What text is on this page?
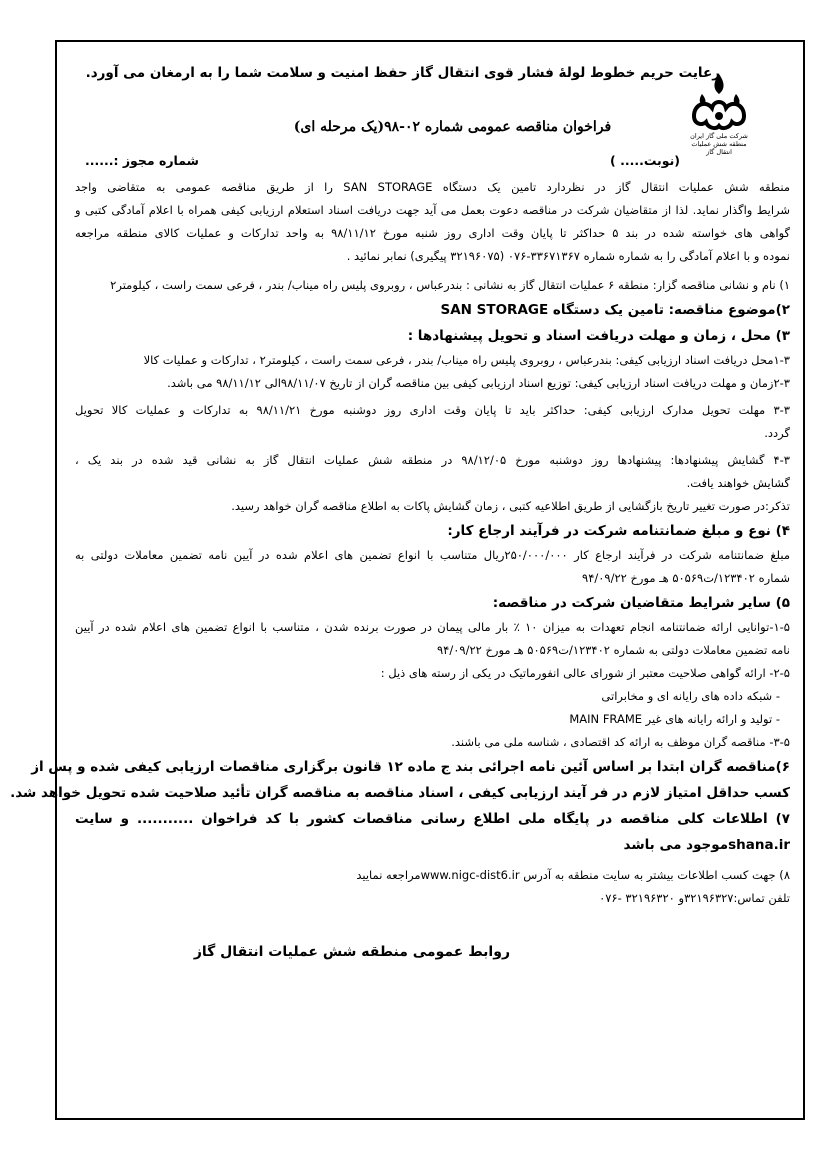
شرکت ملی گاز ایران
منطقه شش عملیات انتقال گاز
رعایت حریم خطوط لولهٔ فشار قوی انتقال گاز حفظ امنیت و سلامت شما را به ارمغان می آورد.
فراخوان مناقصه عمومی شماره ۰۲-۹۸(یک مرحله ای)
(نوبت..... )
شماره مجوز :......
منطقه شش عملیات انتقال گاز در نظردارد تامین یک دستگاه SAN STORAGE را از طریق مناقصه عمومی به متقاضی واجد
شرایط واگذار نماید. لذا از متقاضیان شرکت در مناقصه دعوت بعمل می آید جهت دریافت اسناد استعلام ارزیابی کیفی همراه با اعلام آمادگی کتبی و
گواهی های خواسته شده در بند ۵ حداکثر تا پایان وقت اداری روز شنبه مورخ ۹۸/۱۱/۱۲ به واحد تدارکات و عملیات کالای منطقه مراجعه
نموده و با اعلام آمادگی را به شماره شماره ۳۳۶۷۱۳۶۷-۰۷۶ (۳۲۱۹۶۰۷۵ پیگیری) نمابر نمائید .
۱) نام و نشانی مناقصه گزار: منطقه ۶ عملیات انتقال گاز به نشانی : بندرعباس ، روبروی پلیس راه میناب/ بندر ، فرعی سمت راست ، کیلومتر۲
۲)موضوع مناقصه: تامین یک دستگاه SAN STORAGE
۳) محل ، زمان و مهلت دریافت اسناد و تحویل پیشنهادها :
۱-۳محل دریافت اسناد ارزیابی کیفی: بندرعباس ، روبروی پلیس راه میناب/ بندر ، فرعی سمت راست ، کیلومتر۲ ، تدارکات و عملیات کالا
۲-۳زمان و مهلت دریافت اسناد ارزیابی کیفی: توزیع اسناد ارزیابی کیفی بین مناقصه گران از تاریخ ۹۸/۱۱/۰۷الی ۹۸/۱۱/۱۲ می باشد.
۳-۳ مهلت تحویل مدارک ارزیابی کیفی: حداکثر باید تا پایان وقت اداری روز دوشنبه مورخ ۹۸/۱۱/۲۱ به تدارکات و عملیات کالا تحویل
گردد.
۴-۳ گشایش پیشنهادها: پیشنهادها روز دوشنبه مورخ ۹۸/۱۲/۰۵ در منطقه شش عملیات انتقال گاز به نشانی قید شده در بند یک ،
گشایش خواهند یافت.
تذکر:در صورت تغییر تاریخ بازگشایی از طریق اطلاعیه کتبی ، زمان گشایش پاکات به اطلاع مناقصه گران خواهد رسید.
۴) نوع و مبلغ ضمانتنامه شرکت در فرآیند ارجاع کار:
مبلغ ضمانتنامه شرکت در فرآیند ارجاع کار ۲۵۰/۰۰۰/۰۰۰ریال متناسب با انواع تضمین های اعلام شده در آیین نامه تضمین معاملات دولتی به
شماره ۱۲۳۴۰۲/ت۵۰۵۶۹ هـ مورخ ۹۴/۰۹/۲۲
۵) سایر شرایط متقاضیان شرکت در مناقصه:
۱-۵-توانایی ارائه ضمانتنامه انجام تعهدات به میزان ۱۰ ٪ بار مالی پیمان در صورت برنده شدن ، متناسب با انواع تضمین های اعلام شده در آیین
نامه تضمین معاملات دولتی به شماره ۱۲۳۴۰۲/ت۵۰۵۶۹ هـ مورخ ۹۴/۰۹/۲۲
۲-۵- ارائه گواهی صلاحیت معتبر از شورای عالی انفورماتیک در یکی از رسته های ذیل :
- شبکه داده های رایانه ای و مخابراتی
- تولید و ارائه رایانه های غیر MAIN FRAME
۳-۵- مناقصه گران موظف به ارائه کد اقتصادی ، شناسه ملی می باشند.
۶)مناقصه گران ابتدا بر اساس آئین نامه اجرائی بند ج ماده ۱۲ قانون برگزاری مناقصات ارزیابی کیفی شده و پس از
کسب حداقل امتیاز لازم در فر آیند ارزیابی کیفی ، اسناد مناقصه به مناقصه گران تأئید صلاحیت شده تحویل خواهد شد.
۷) اطلاعات کلی مناقصه در پایگاه ملی اطلاع رسانی مناقصات کشور با کد فراخوان ........... و سایت
shana.irموجود می باشد
۸) جهت کسب اطلاعات بیشتر به سایت منطقه به آدرس www.nigc-dist6.irمراجعه نمایید
تلفن تماس:۳۲۱۹۶۳۲۷و ۳۲۱۹۶۳۲۰ -۰۷۶
روابط عمومی منطقه شش عملیات انتقال گاز
